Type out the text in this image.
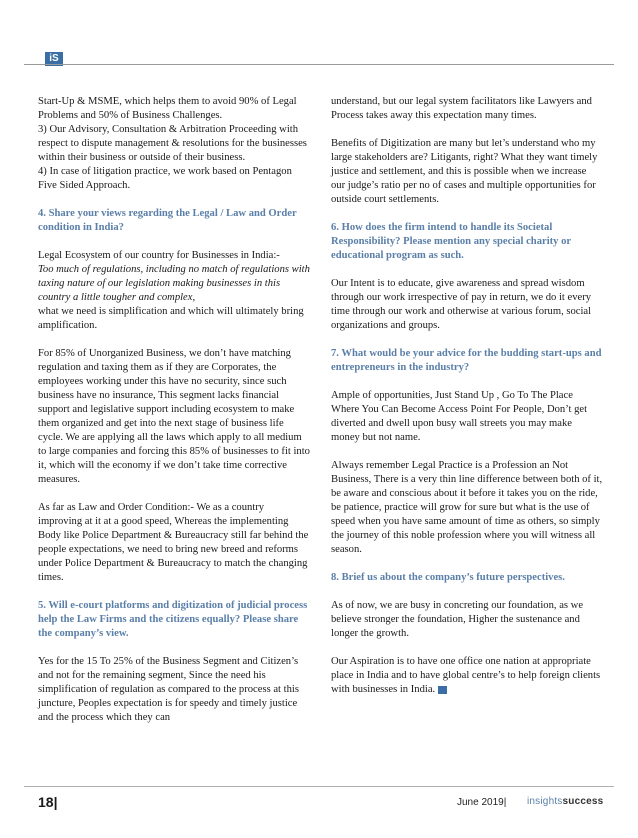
iS

Start-Up & MSME, which helps them to avoid 90% of Legal Problems and 50% of Business Challenges.

3) Our Advisory, Consultation & Arbitration Proceeding with respect to dispute management & resolutions for the businesses within their business or outside of their business.

4) In case of litigation practice, we work based on Pentagon Five Sided Approach.

4. Share your views regarding the Legal / Law and Order condition in India?

Legal Ecosystem of our country for Businesses in India:-
Too much of regulations, including no match of regulations with taxing nature of our legislation making businesses in this country a little tougher and complex,
what we need is simplification and which will ultimately bring amplification.

For 85% of Unorganized Business, we don’t have matching regulation and taxing them as if they are Corporates, the employees working under this have no security, since such business have no insurance, This segment lacks financial support and legislative support including ecosystem to make them organized and get into the next stage of business life cycle. We are applying all the laws which apply to all medium to large companies and forcing this 85% of businesses to fit into it, which will the economy if we don’t take time corrective measures.

As far as Law and Order Condition:- We as a country improving at it at a good speed, Whereas the implementing Body like Police Department & Bureaucracy still far behind the people expectations, we need to bring new breed and reforms under Police Department & Bureaucracy to match the changing times.

5. Will e-court platforms and digitization of judicial process help the Law Firms and the citizens equally? Please share the company’s view.

Yes for the 15 To 25% of the Business Segment and Citizen’s and not for the remaining segment, Since the need his simplification of regulation as compared to the process at this juncture, Peoples expectation is for speedy and timely justice and the process which they can

understand, but our legal system facilitators like Lawyers and Process takes away this expectation many times.

Benefits of Digitization are many but let’s understand who my large stakeholders are? Litigants, right? What they want timely justice and settlement, and this is possible when we increase our judge’s ratio per no of cases and multiple opportunities for outside court settlements.

6. How does the firm intend to handle its Societal Responsibility? Please mention any special charity or educational program as such.

Our Intent is to educate, give awareness and spread wisdom through our work irrespective of pay in return, we do it every time through our work and otherwise at various forum, social organizations and groups.

7. What would be your advice for the budding start-ups and entrepreneurs in the industry?

Ample of opportunities, Just Stand Up , Go To The Place Where You Can Become Access Point For People, Don’t get diverted and dwell upon busy wall streets you may make money but not name.

Always remember Legal Practice is a Profession an Not Business, There is a very thin line difference between both of it, be aware and conscious about it before it takes you on the ride, be patience, practice will grow for sure but what is the use of speed when you have same amount of time as others, so simply the journey of this noble profession where you will witness all season.

8. Brief us about the company’s future perspectives.

As of now, we are busy in concreting our foundation, as we believe stronger the foundation, Higher the sustenance and longer the growth.

Our Aspiration is to have one office one nation at appropriate place in India and to have global centre’s to help foreign clients with businesses in India.

18|	June 2019| insightssuccess
